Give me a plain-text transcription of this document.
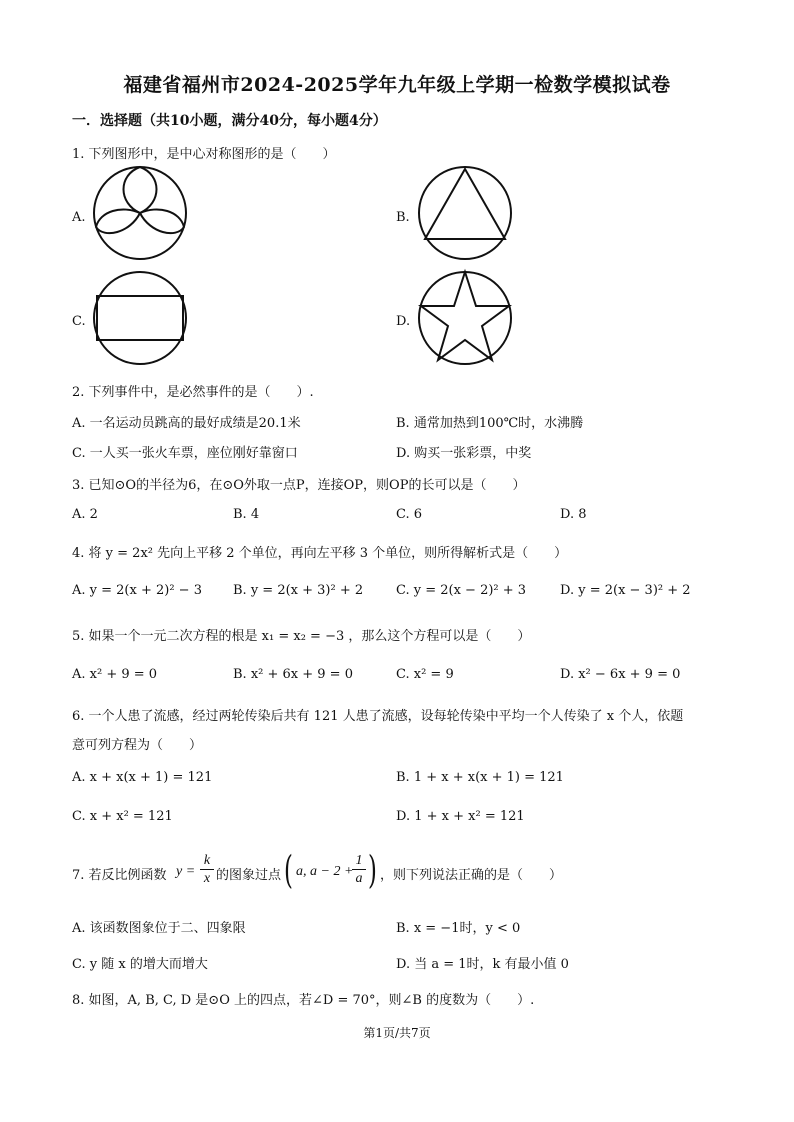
福建省福州市2024-2025学年九年级上学期一检数学模拟试卷
一．选择题（共10小题，满分40分，每小题4分）
1. 下列图形中，是中心对称图形的是（　　）
A.	B.
C.	D.
2. 下列事件中，是必然事件的是（　　）.
A. 一名运动员跳高的最好成绩是20.1米	B. 通常加热到100℃时，水沸腾
C. 一人买一张火车票，座位刚好靠窗口	D. 购买一张彩票，中奖
3. 已知⊙O的半径为6，在⊙O外取一点P，连接OP，则OP的长可以是（　　）
A. 2	B. 4	C. 6	D. 8
4. 将 y = 2x² 先向上平移 2 个单位，再向左平移 3 个单位，则所得解析式是（　　）
A. y = 2(x + 2)² − 3 B. y = 2(x + 3)² + 2	C. y = 2(x − 2)² + 3	D. y = 2(x − 3)² + 2
5. 如果一个一元二次方程的根是 x₁ = x₂ = −3 ，那么这个方程可以是（　　）
A. x² + 9 = 0	B. x² + 6x + 9 = 0	C. x² = 9	D. x² − 6x + 9 = 0
6. 一个人患了流感，经过两轮传染后共有 121 人患了流感，设每轮传染中平均一个人传染了 x 个人，依题
意可列方程为（　　）
A. x + x(x + 1) = 121	B. 1 + x + x(x + 1) = 121
C. x + x² = 121	D. 1 + x + x² = 121
7. 若反比例函数 $y = \frac{k}{x}$ 的图象过点 ( a, a − 2 +
$\frac{1}{a}$ ) ，则下列说法正确的是（　　）
A. 该函数图象位于二、四象限	B. x = −1时，y < 0
C. y 随 x 的增大而增大	D. 当 a = 1时，k 有最小值 0
8. 如图，A, B, C, D 是⊙O 上的四点，若∠D = 70°，则∠B 的度数为（　　）.
第1页/共7页
